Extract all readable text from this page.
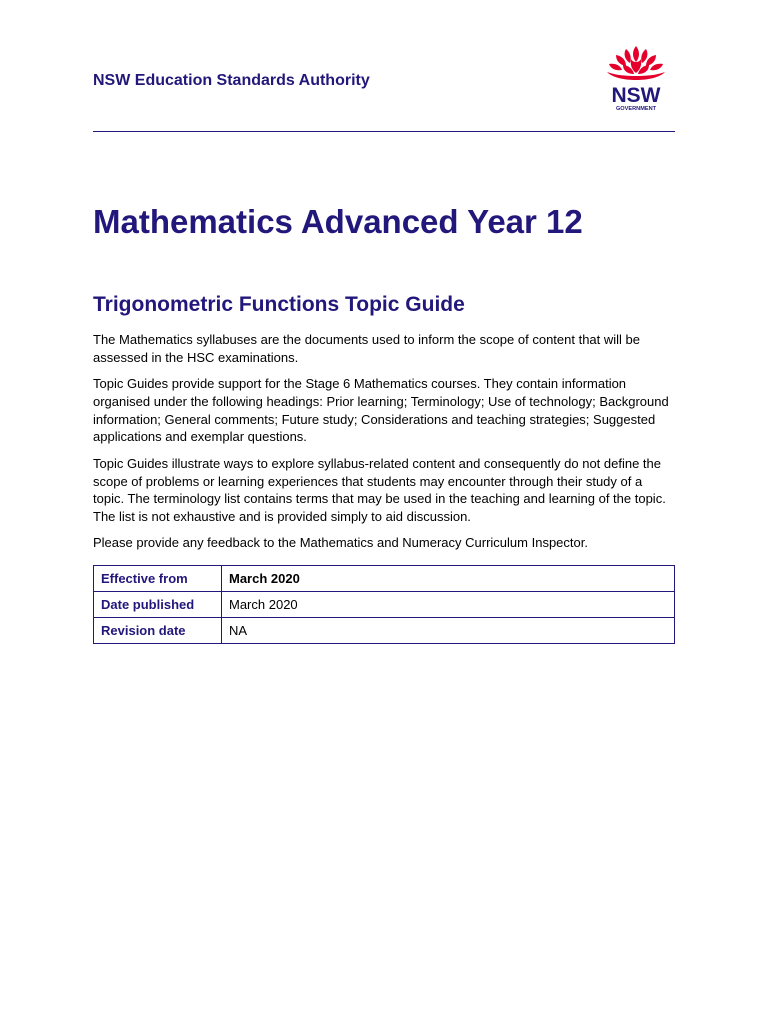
NSW Education Standards Authority
NSW
GOVERNMENT
Mathematics Advanced Year 12
Trigonometric Functions Topic Guide

The Mathematics syllabuses are the documents used to inform the scope of content that will be assessed in the HSC examinations.

Topic Guides provide support for the Stage 6 Mathematics courses. They contain information organised under the following headings: Prior learning; Terminology; Use of technology; Background information; General comments; Future study; Considerations and teaching strategies; Suggested applications and exemplar questions.

Topic Guides illustrate ways to explore syllabus-related content and consequently do not define the scope of problems or learning experiences that students may encounter through their study of a topic. The terminology list contains terms that may be used in the teaching and learning of the topic. The list is not exhaustive and is provided simply to aid discussion.

Please provide any feedback to the Mathematics and Numeracy Curriculum Inspector.

Effective from	March 2020
Date published	March 2020
Revision date	NA
